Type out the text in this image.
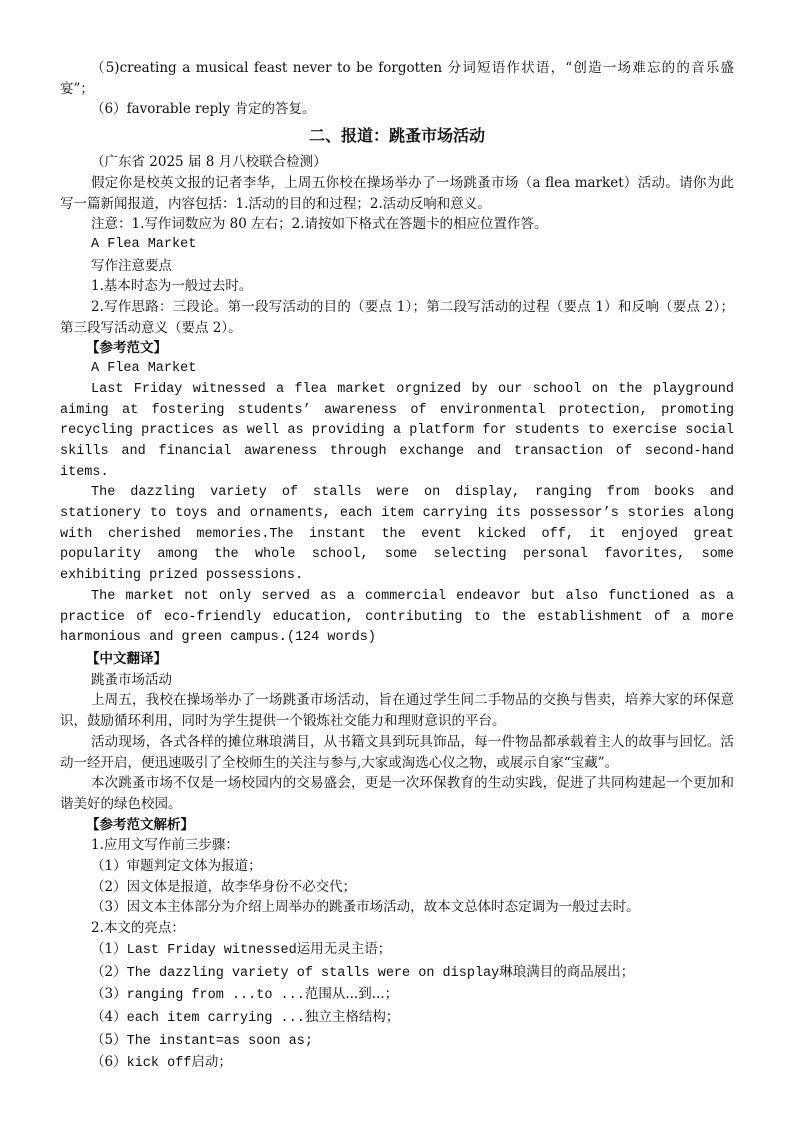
（5)creating a musical feast never to be forgotten 分词短语作状语，“创造一场难忘的的音乐盛宴”；

（6）favorable reply 肯定的答复。

二、报道：跳蚤市场活动

（广东省 2025 届 8 月八校联合检测）

假定你是校英文报的记者李华，上周五你校在操场举办了一场跳蚤市场（a flea market）活动。请你为此写一篇新闻报道，内容包括：1.活动的目的和过程；2.活动反响和意义。

注意：1.写作词数应为 80 左右；2.请按如下格式在答题卡的相应位置作答。

A Flea Market

写作注意要点

1.基本时态为一般过去时。

2.写作思路：三段论。第一段写活动的目的（要点 1）；第二段写活动的过程（要点 1）和反响（要点 2）；第三段写活动意义（要点 2）。

【参考范文】

A Flea Market

Last Friday witnessed a flea market orgnized by our school on the playground aiming at fostering students’ awareness of environmental protection, promoting recycling practices as well as providing a platform for students to exercise social skills and financial awareness through exchange and transaction of second-hand items.

The dazzling variety of stalls were on display, ranging from books and stationery to toys and ornaments, each item carrying its possessor’s stories along with cherished memories.The instant the event kicked off, it enjoyed great popularity among the whole school, some selecting personal favorites, some exhibiting prized possessions.

The market not only served as a commercial endeavor but also functioned as a practice of eco-friendly education, contributing to the establishment of a more harmonious and green campus.(124 words)

【中文翻译】

跳蚤市场活动

上周五，我校在操场举办了一场跳蚤市场活动，旨在通过学生间二手物品的交换与售卖，培养大家的环保意识，鼓励循环利用，同时为学生提供一个锻炼社交能力和理财意识的平台。

活动现场，各式各样的摊位琳琅满目，从书籍文具到玩具饰品，每一件物品都承载着主人的故事与回忆。活动一经开启，便迅速吸引了全校师生的关注与参与,大家或淘选心仪之物，或展示自家“宝藏”。

本次跳蚤市场不仅是一场校园内的交易盛会，更是一次环保教育的生动实践，促进了共同构建起一个更加和谐美好的绿色校园。

【参考范文解析】

1.应用文写作前三步骤：

（1）审题判定文体为报道；

（2）因文体是报道，故李华身份不必交代；

（3）因文本主体部分为介绍上周举办的跳蚤市场活动，故本文总体时态定调为一般过去时。

2.本文的亮点：

（1）Last Friday witnessed运用无灵主语；

（2）The dazzling variety of stalls were on display琳琅满目的商品展出；

（3）ranging from ...to ...范围从...到...；

（4）each item carrying ...独立主格结构；

（5）The instant=as soon as;

（6）kick off启动；
